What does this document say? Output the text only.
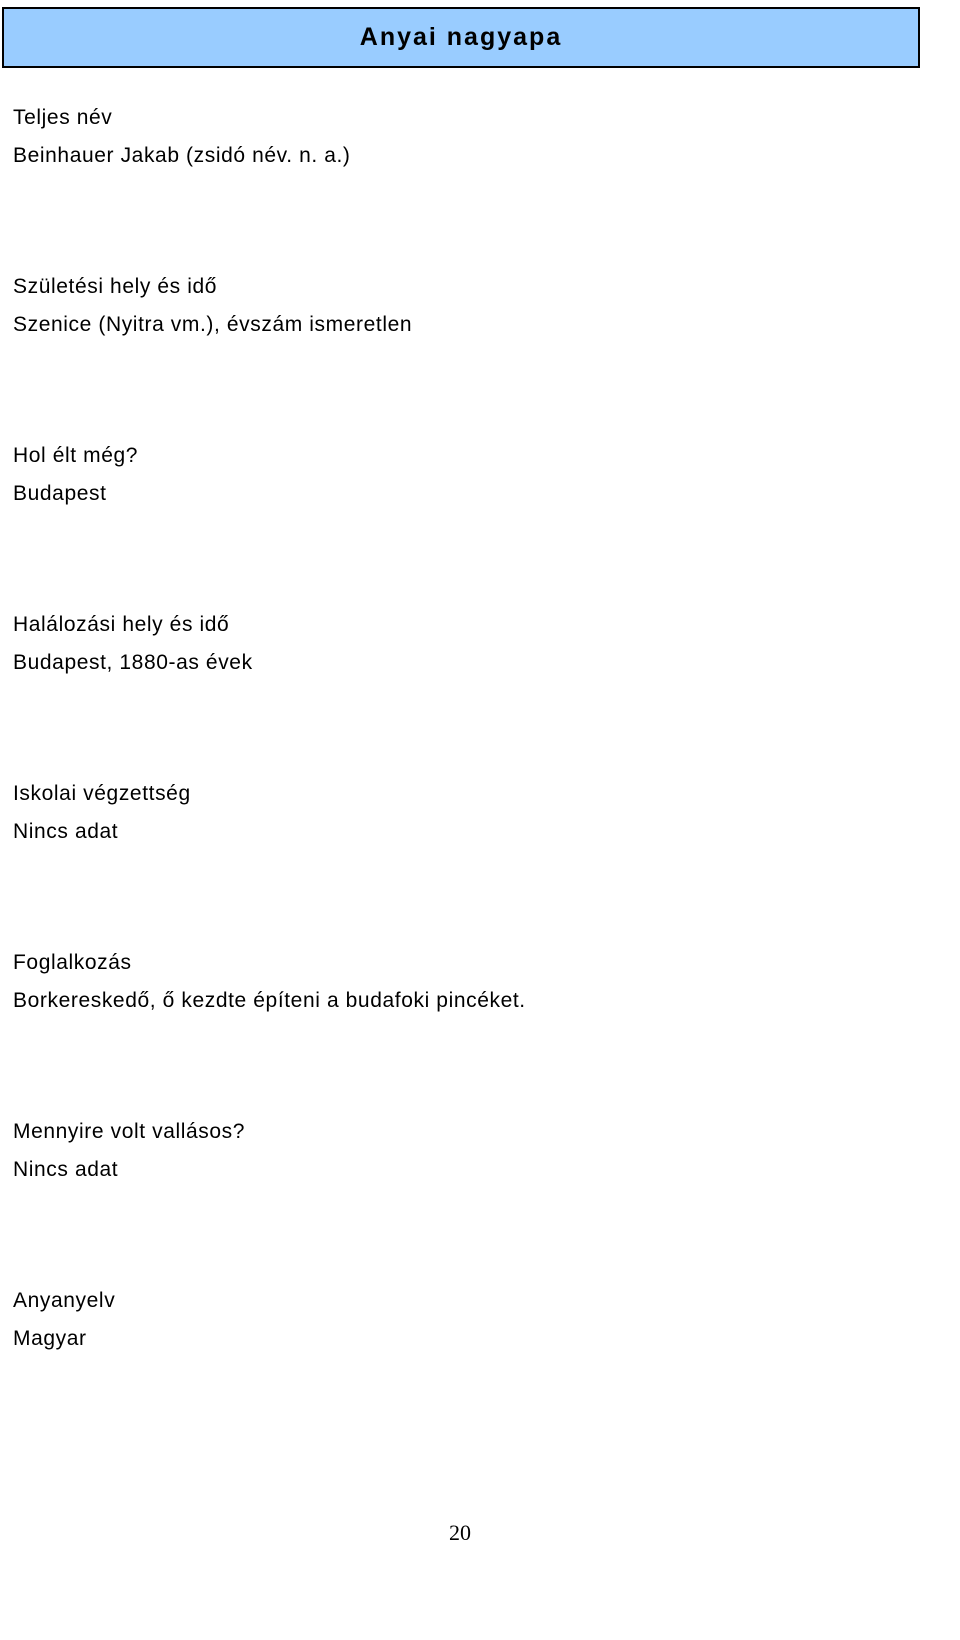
Anyai nagyapa
Teljes név
Beinhauer Jakab (zsidó név. n. a.)
Születési hely és idő
Szenice (Nyitra vm.), évszám ismeretlen
Hol élt még?
Budapest
Halálozási hely és idő
Budapest, 1880-as évek
Iskolai végzettség
Nincs adat
Foglalkozás
Borkereskedő, ő kezdte építeni a budafoki pincéket.
Mennyire volt vallásos?
Nincs adat
Anyanyelv
Magyar
20
